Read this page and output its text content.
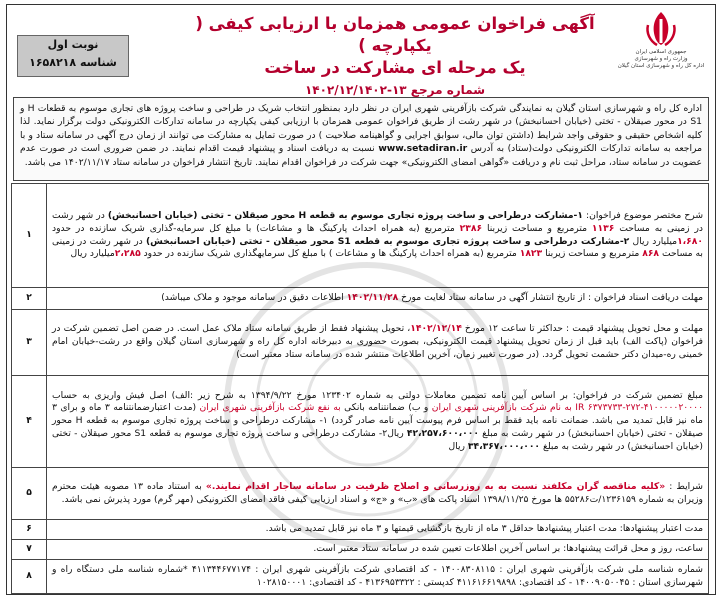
جمهوری اسلامی ایران
وزارت راه و شهرسازی
اداره کل راه و شهرسازی استان گیلان
آگهی فراخوان عمومی همزمان با ارزیابی کیفی ( یکپارچه )
یک مرحله ای مشارکت در ساخت
شماره مرجع ۱۳-۱۴۰۲/۱۲/۱۴۰۲
نوبت اول
شناسه ۱۶۵۸۲۱۸
اداره کل راه و شهرسازی استان گیلان به نمایندگی شرکت بازآفرینی شهری ایران در نظر دارد بمنظور انتخاب شریک در طراحی و ساخت پروژه های تجاری موسوم به قطعات H و S1 در محور صیقلان - تختی (خیابان احسانبخش) در شهر رشت از طریق فراخوان عمومی همزمان با ارزیابی کیفی یکپارچه در سامانه تدارکات الکترونیکی دولت برگزار نماید. لذا کلیه اشخاص حقیقی و حقوقی واجد شرایط (داشتن توان مالی، سوابق اجرایی و گواهینامه صلاحیت ) در صورت تمایل به مشارکت می توانند از زمان درج آگهی در سامانه ستاد و با مراجعه به سامانه تدارکات الکترونیکی دولت(ستاد) به آدرس www.setadiran.ir نسبت به دریافت اسناد و پیشنهاد قیمت اقدام نمایند. در ضمن ضروری است در صورت عدم عضویت در سامانه ستاد، مراحل ثبت نام و دریافت «گواهی امضای الکترونیکی» جهت شرکت در فراخوان اقدام نمایند. تاریخ انتشار فراخوان در سامانه ستاد ۱۴۰۲/۱۱/۱۷ می باشد.
شرح مختصر موضوع فراخوان: ۱-مشارکت درطراحی و ساخت پروژه تجاری موسوم به قطعه H محور صیقلان - تختی (خیابان احسانبخش) در شهر رشت در زمینی به مساحت ۱۱۳۶ مترمربع و مساحت زیربنا ۲۳۸۶ مترمربع (به همراه احداث پارکینگ ها و مشاعات) با مبلغ کل سرمایه-گذاری شریک سازنده در حدود ۱،۶۸۰میلیارد ریال ۲-مشارکت درطراحی و ساخت پروژه تجاری موسوم به قطعه S1 محور صیقلان - تختی (خیابان احسانبخش) در شهر رشت در زمینی به مساحت ۸۶۸ مترمربع و مساحت زیربنا ۱۸۲۳ مترمربع (به همراه احداث پارکینگ ها و مشاعات ) با مبلغ کل سرمایهگذاری شریک سازنده در حدود ۲،۲۸۵میلیارد ریال	۱
مهلت دریافت اسناد فراخوان : از تاریخ انتشار آگهی در سامانه ستاد لغایت مورخ ۱۴۰۲/۱۱/۲۸ اطلاعات دقیق در سامانه موجود و ملاک میباشد)	۲
مهلت و محل تحویل پیشنهاد قیمت : حداکثر تا ساعت ۱۲ مورخ ۱۴۰۲/۱۲/۱۴، تحویل پیشنهاد فقط از طریق سامانه ستاد ملاک عمل است. در ضمن اصل تضمین شرکت در فراخوان (پاکت الف) باید قبل از زمان تحویل پیشنهاد قیمت الکترونیکی، بصورت حضوری به دبیرخانه اداره کل راه و شهرسازی استان گیلان واقع در رشت-خیابان امام خمینی ره-میدان دکتر حشمت تحویل گردد. (در صورت تغییر زمان، آخرین اطلاعات منتشر شده در سامانه ستاد معتبر است)	۳
مبلغ تضمین شرکت در فراخوان: بر اساس آیین نامه تضمین معاملات دولتی به شماره ۱۲۳۴۰۲ مورخ ۱۳۹۴/۹/۲۲ به شرح زیر :الف) اصل فیش واریزی به حساب ۴۱۰۰۰۰۰۲۰۰۰۰-۲۷۲-۶۳۷۳۷۳۳ IR به نام شرکت بازآفرینی شهری ایران و ب) ضمانتنامه بانکی به نفع شرکت بازآفرینی شهری ایران (مدت اعتبارضمانتنامه ۳ ماه و برای ۳ ماه نیز قابل تمدید می باشد. ضمانت نامه باید فقط بر اساس فرم پیوست آیین نامه صادر گردد) ۱- مشارکت درطراحی و ساخت پروژه تجاری موسوم به قطعه H محور صیقلان - تختی (خیابان احسانبخش) در شهر رشت به مبلغ ۴۲،۲۵۷،۶۰۰،۰۰۰ ریال۲- مشارکت درطراحی و ساخت پروژه تجاری موسوم به قطعه S1 محور صیقلان - تختی (خیابان احسانبخش) در شهر رشت به مبلغ ۳۴،۳۶۷،۰۰۰،۰۰۰ ریال	۴
شرایط : «کلیه مناقصه گران مکلفند نسبت به به روزرسانی و اصلاح ظرفیت در سامانه ساجار اقدام نمایند.» به استناد ماده ۱۳ مصوبه هیئت محترم وزیران به شماره ۱۲۳۶۱۵۹/ت۵۵۲۸۶ ها مورخ ۱۳۹۸/۱۱/۲۵ اسناد پاکت های «ب» و «ج» و اسناد ارزیابی کیفی فاقد امضای الکترونیکی (مهر گرم) مورد پذیرش نمی باشد.	۵
مدت اعتبار پیشنهادها: مدت اعتبار پیشنهادها حداقل ۳ ماه از تاریخ بازگشایی قیمتها و ۳ ماه نیز قابل تمدید می باشد.	۶
ساعت، روز و محل قرائت پیشنهادها: بر اساس آخرین اطلاعات تعیین شده در سامانه ستاد معتبر است.	۷
شماره شناسه ملی شرکت بازآفرینی شهری ایران : ۱۴۰۰۸۳۰۸۱۱۵ - کد اقتصادی شرکت بازآفرینی شهری ایران : ۴۱۱۳۴۴۶۷۷۱۷۴ *شماره شناسه ملی دستگاه راه و شهرسازی استان : ۱۴۰۰۹۰۵۰۰۴۵ - کد اقتصادی: ۴۱۱۶۱۶۶۱۹۸۹۸ کدپستی : ۴۱۳۶۹۵۳۳۲۲ - کد اقتصادی: ۱۰۲۸۱۵۰۰۰۱	۸
